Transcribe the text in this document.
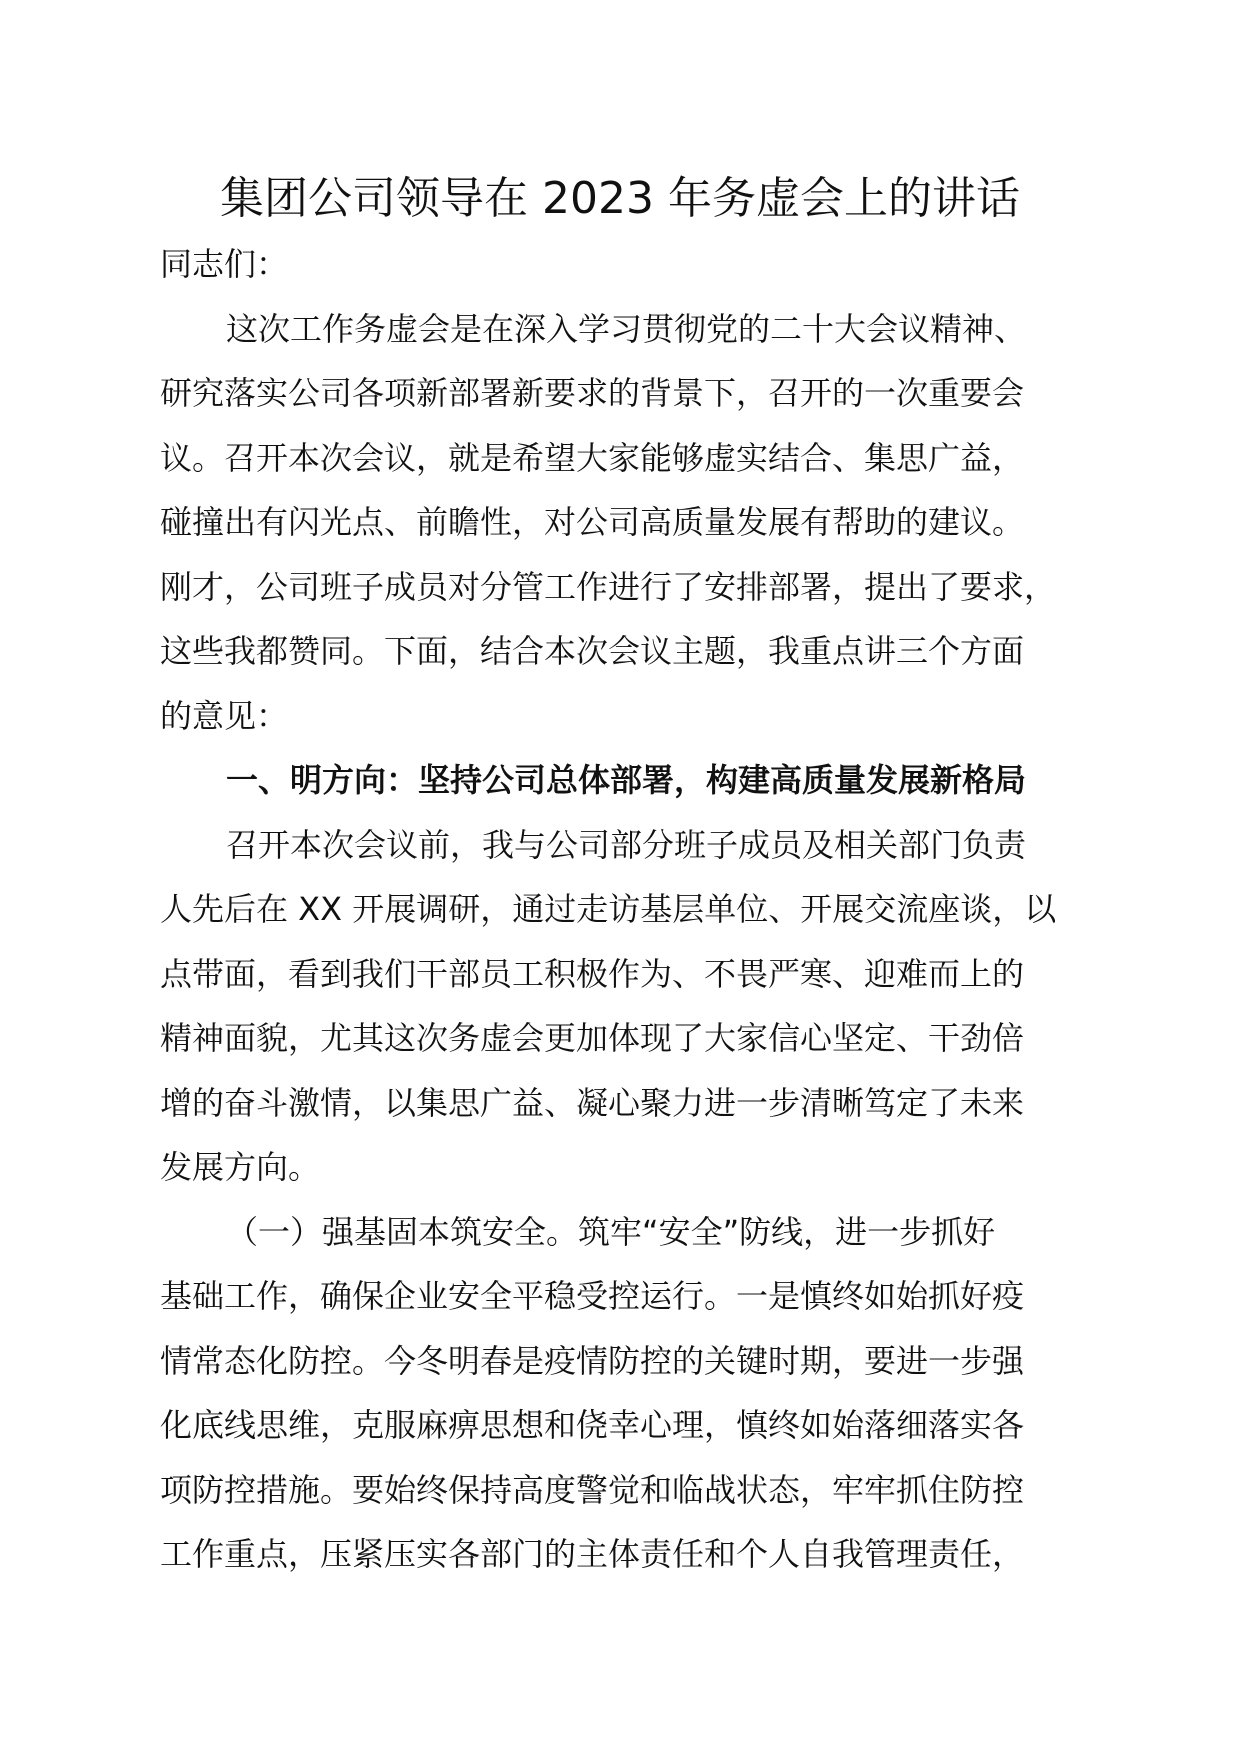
集团公司领导在 2023 年务虚会上的讲话
同志们：
这次工作务虚会是在深入学习贯彻党的二十大会议精神、
研究落实公司各项新部署新要求的背景下，召开的一次重要会
议。召开本次会议，就是希望大家能够虚实结合、集思广益，
碰撞出有闪光点、前瞻性，对公司高质量发展有帮助的建议。
刚才，公司班子成员对分管工作进行了安排部署，提出了要求，
这些我都赞同。下面，结合本次会议主题，我重点讲三个方面
的意见：
一、明方向：坚持公司总体部署，构建高质量发展新格局
召开本次会议前，我与公司部分班子成员及相关部门负责
人先后在 XX 开展调研，通过走访基层单位、开展交流座谈，以
点带面，看到我们干部员工积极作为、不畏严寒、迎难而上的
精神面貌，尤其这次务虚会更加体现了大家信心坚定、干劲倍
增的奋斗激情，以集思广益、凝心聚力进一步清晰笃定了未来
发展方向。
（一）强基固本筑安全。筑牢“安全”防线，进一步抓好
基础工作，确保企业安全平稳受控运行。一是慎终如始抓好疫
情常态化防控。今冬明春是疫情防控的关键时期，要进一步强
化底线思维，克服麻痹思想和侥幸心理，慎终如始落细落实各
项防控措施。要始终保持高度警觉和临战状态，牢牢抓住防控
工作重点，压紧压实各部门的主体责任和个人自我管理责任，
